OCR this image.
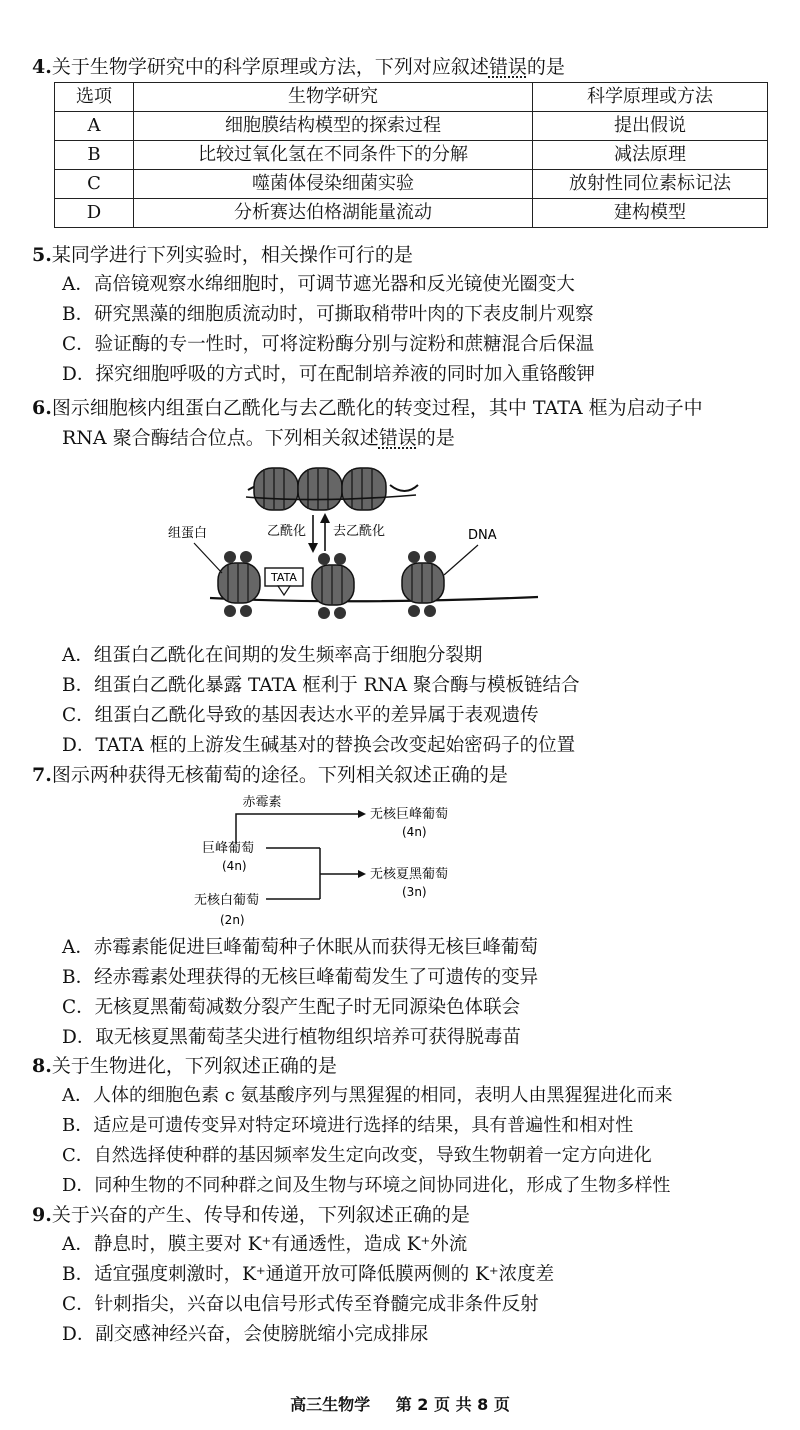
4.关于生物学研究中的科学原理或方法，下列对应叙述错误的是
选项	生物学研究	科学原理或方法
A	细胞膜结构模型的探索过程	提出假说
B	比较过氧化氢在不同条件下的分解	减法原理
C	噬菌体侵染细菌实验	放射性同位素标记法
D	分析赛达伯格湖能量流动	建构模型
5.某同学进行下列实验时，相关操作可行的是
A．高倍镜观察水绵细胞时，可调节遮光器和反光镜使光圈变大
B．研究黑藻的细胞质流动时，可撕取稍带叶肉的下表皮制片观察
C．验证酶的专一性时，可将淀粉酶分别与淀粉和蔗糖混合后保温
D．探究细胞呼吸的方式时，可在配制培养液的同时加入重铬酸钾
6.图示细胞核内组蛋白乙酰化与去乙酰化的转变过程，其中 TATA 框为启动子中
RNA 聚合酶结合位点。下列相关叙述错误的是
乙酰化 去乙酰化
TATA
组蛋白	DNA
A．组蛋白乙酰化在间期的发生频率高于细胞分裂期
B．组蛋白乙酰化暴露 TATA 框利于 RNA 聚合酶与模板链结合
C．组蛋白乙酰化导致的基因表达水平的差异属于表观遗传
D．TATA 框的上游发生碱基对的替换会改变起始密码子的位置
7.图示两种获得无核葡萄的途径。下列相关叙述正确的是
赤霉素
无核巨峰葡萄
(4n)
巨峰葡萄
(4n)
无核夏黑葡萄
(3n)
无核白葡萄
(2n)
A．赤霉素能促进巨峰葡萄种子休眠从而获得无核巨峰葡萄
B．经赤霉素处理获得的无核巨峰葡萄发生了可遗传的变异
C．无核夏黑葡萄减数分裂产生配子时无同源染色体联会
D．取无核夏黑葡萄茎尖进行植物组织培养可获得脱毒苗
8.关于生物进化，下列叙述正确的是
A．人体的细胞色素 c 氨基酸序列与黑猩猩的相同，表明人由黑猩猩进化而来
B．适应是可遗传变异对特定环境进行选择的结果，具有普遍性和相对性
C．自然选择使种群的基因频率发生定向改变，导致生物朝着一定方向进化
D．同种生物的不同种群之间及生物与环境之间协同进化，形成了生物多样性
9.关于兴奋的产生、传导和传递，下列叙述正确的是
A．静息时，膜主要对 K⁺有通透性，造成 K⁺外流
B．适宜强度刺激时，K⁺通道开放可降低膜两侧的 K⁺浓度差
C．针刺指尖，兴奋以电信号形式传至脊髓完成非条件反射
D．副交感神经兴奋，会使膀胱缩小完成排尿
高三生物学 第 2 页 共 8 页
